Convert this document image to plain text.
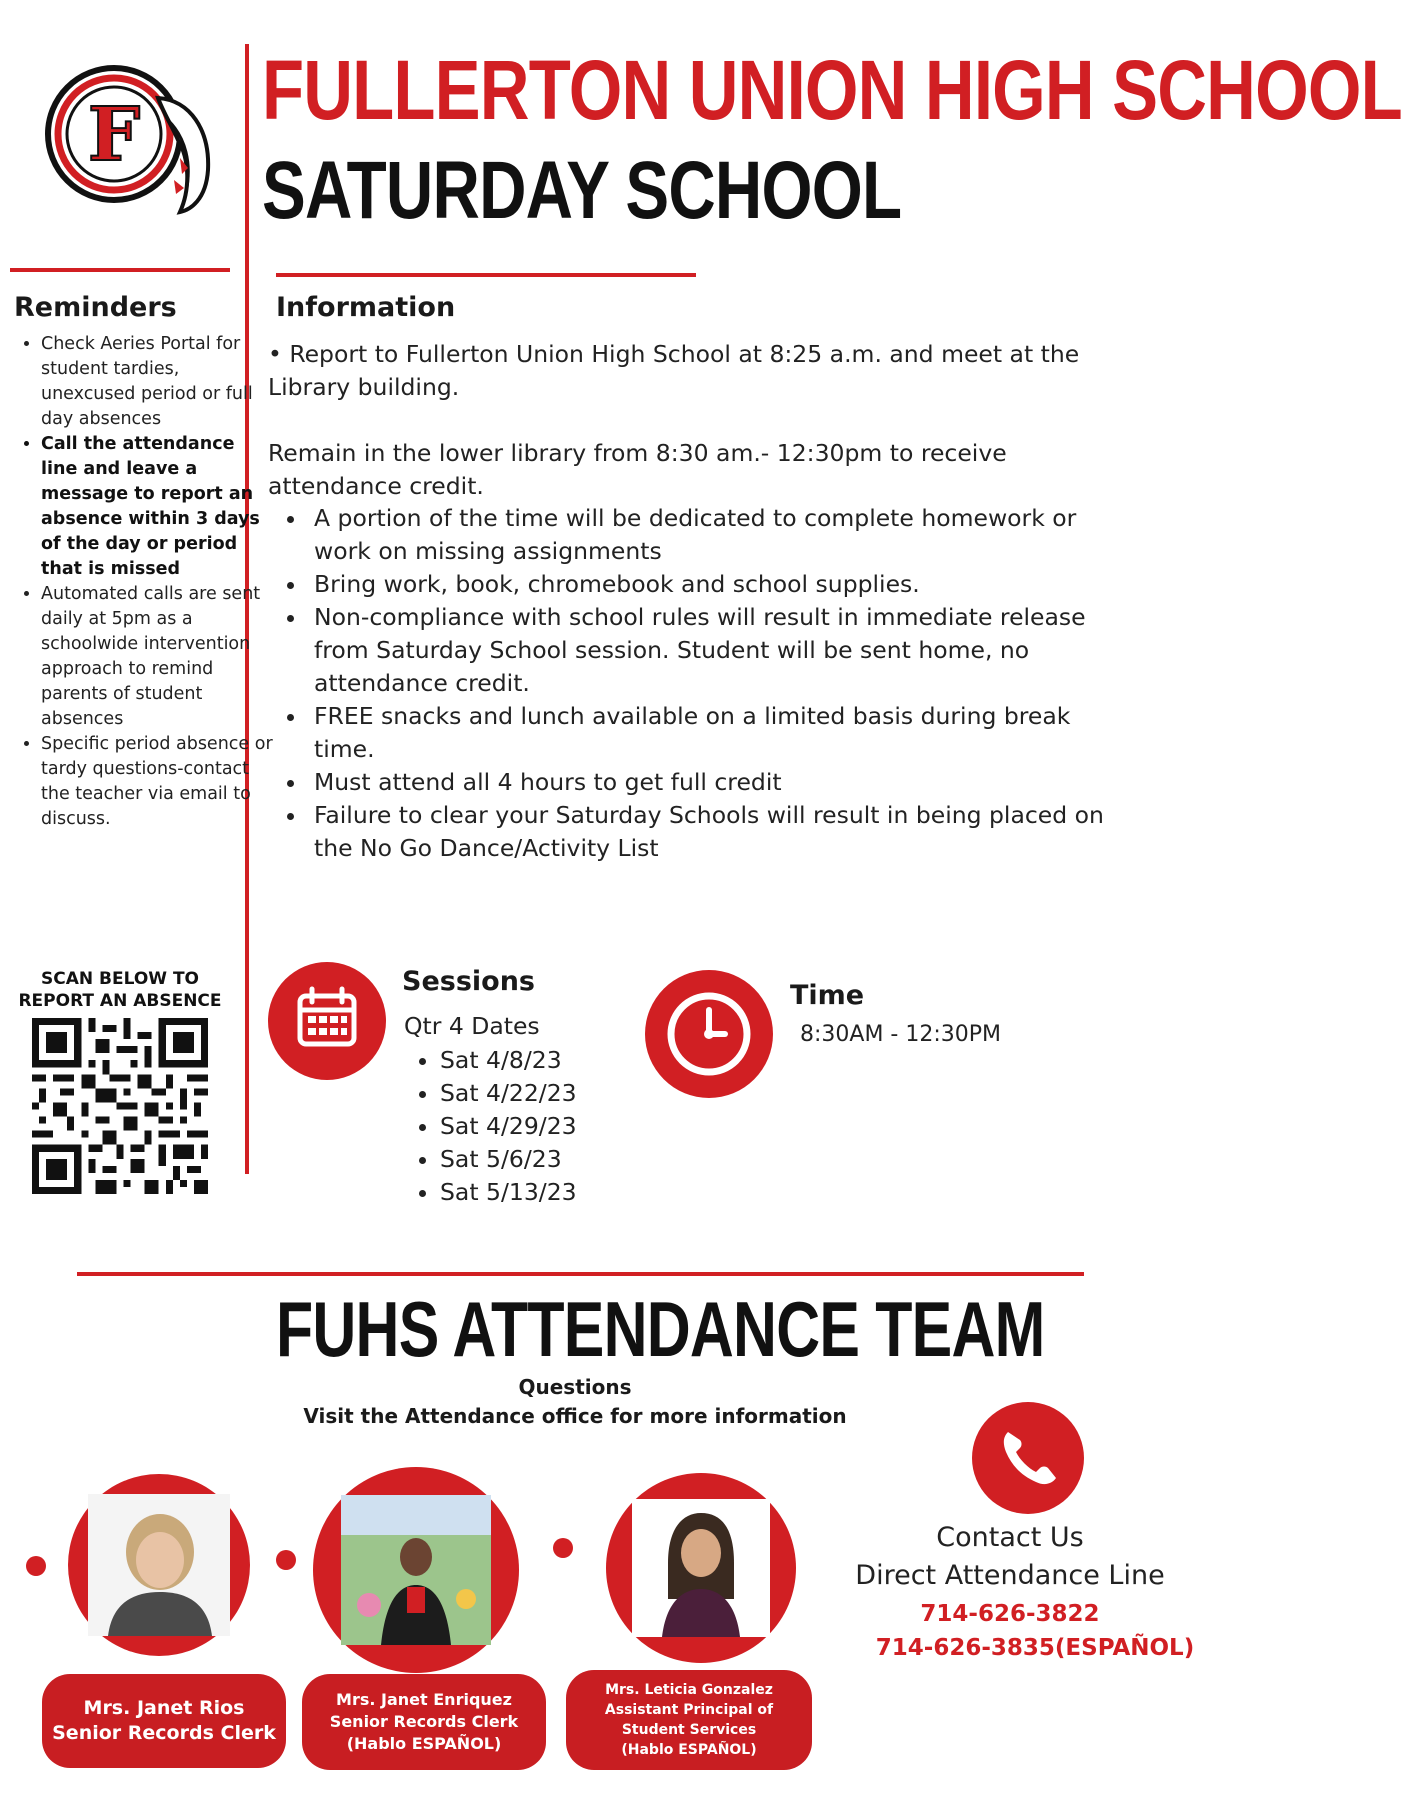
F FULLERTON UNION HIGH SCHOOL
SATURDAY SCHOOL
Reminders
• Check Aeries Portal for student tardies, unexcused period or full day absences
• Call the attendance line and leave a message to report an absence within 3 days of the day or period that is missed
• Automated calls are sent daily at 5pm as a schoolwide intervention approach to remind parents of student absences
• Specific period absence or tardy questions-contact the teacher via email to discuss.
Information

• Report to Fullerton Union High School at 8:25 a.m. and meet at the Library building.

Remain in the lower library from 8:30 am.- 12:30pm to receive attendance credit.

• A portion of the time will be dedicated to complete homework or work on missing assignments
• Bring work, book, chromebook and school supplies.
• Non-compliance with school rules will result in immediate release from Saturday School session. Student will be sent home, no attendance credit.
• FREE snacks and lunch available on a limited basis during break time.
• Must attend all 4 hours to get full credit
• Failure to clear your Saturday Schools will result in being placed on the No Go Dance/Activity List
SCAN BELOW TO REPORT AN ABSENCE
Sessions
Qtr 4 Dates
• Sat 4/8/23
• Sat 4/22/23
• Sat 4/29/23
• Sat 5/6/23
• Sat 5/13/23
Time
8:30AM - 12:30PM
FUHS ATTENDANCE TEAM
Questions
Visit the Attendance office for more information
Contact Us
Direct Attendance Line
714-626-3822
714-626-3835(ESPAÑOL)
Mrs. Janet Rios
Senior Records Clerk
Mrs. Janet Enriquez
Senior Records Clerk
(Hablo ESPAÑOL)
Mrs. Leticia Gonzalez
Assistant Principal of Student Services
(Hablo ESPAÑOL)
